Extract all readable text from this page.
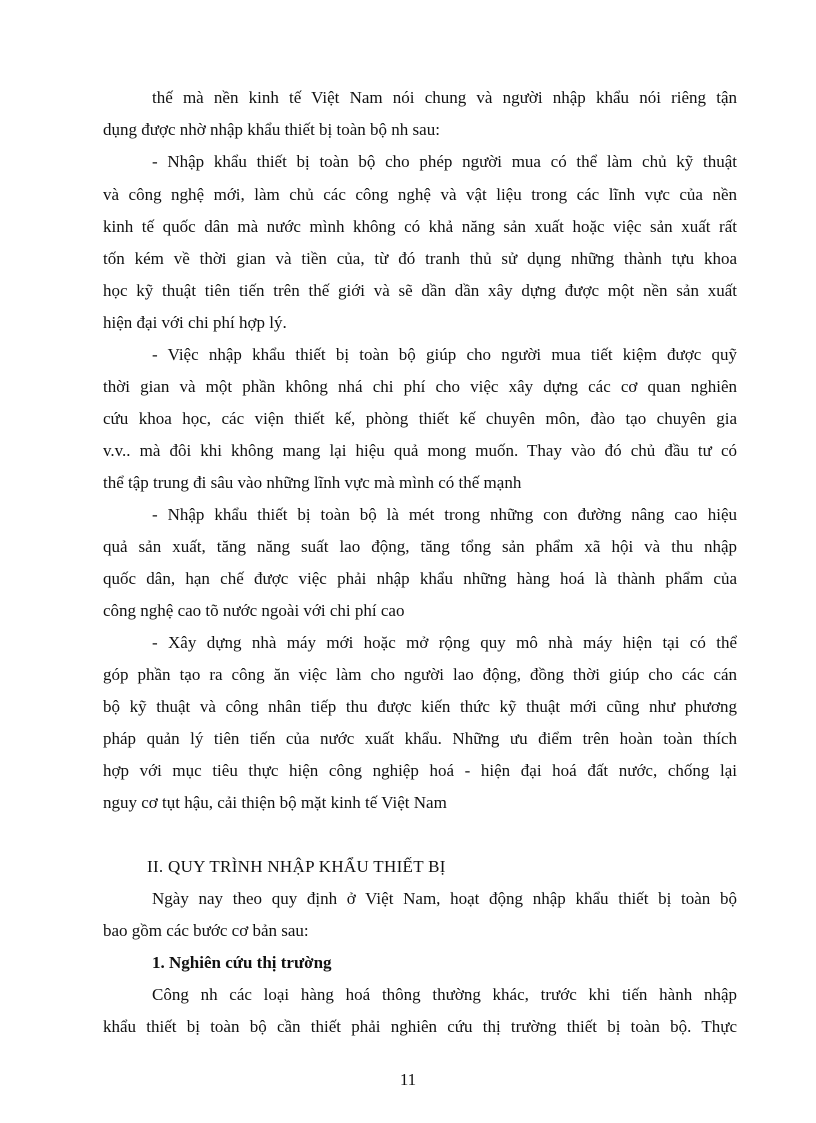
thế mà nền kinh tế Việt Nam nói chung và người nhập khẩu nói riêng tận
dụng được nhờ nhập khẩu thiết bị toàn bộ nh sau:
- Nhập khẩu thiết bị toàn bộ cho phép người mua có thể làm chủ kỹ thuật
và công nghệ mới, làm chủ các công nghệ và vật liệu trong các lĩnh vực của nền
kinh tế quốc dân mà nước mình không có khả năng sản xuất hoặc việc sản xuất rất
tốn kém về thời gian và tiền của, từ đó tranh thủ sử dụng những thành tựu khoa
học kỹ thuật tiên tiến trên thế giới và sẽ dần dần xây dựng được một nền sản xuất
hiện đại với chi phí hợp lý.
- Việc nhập khẩu thiết bị toàn bộ giúp cho người mua tiết kiệm được quỹ
thời gian và một phần không nhá chi phí cho việc xây dựng các cơ quan nghiên
cứu khoa học, các viện thiết kế, phòng thiết kế chuyên môn, đào tạo chuyên gia
v.v.. mà đôi khi không mang lại hiệu quả mong muốn. Thay vào đó chủ đầu tư có
thể tập trung đi sâu vào những lĩnh vực mà mình có thế mạnh
- Nhập khẩu thiết bị toàn bộ là mét trong những con đường nâng cao hiệu
quả sản xuất, tăng năng suất lao động, tăng tổng sản phẩm xã hội và thu nhập
quốc dân, hạn chế được việc phải nhập khẩu những hàng hoá là thành phẩm của
công nghệ cao tõ nước ngoài với chi phí cao
- Xây dựng nhà máy mới hoặc mở rộng quy mô nhà máy hiện tại có thể
góp phần tạo ra công ăn việc làm cho người lao động, đồng thời giúp cho các cán
bộ kỹ thuật và công nhân tiếp thu được kiến thức kỹ thuật mới cũng như phương
pháp quản lý tiên tiến của nước xuất khẩu. Những ưu điểm trên hoàn toàn thích
hợp với mục tiêu thực hiện công nghiệp hoá - hiện đại hoá đất nước, chống lại
nguy cơ tụt hậu, cải thiện bộ mặt kinh tế Việt Nam
II. QUY TRÌNH NHẬP KHẨU THIẾT BỊ
Ngày nay theo quy định ở Việt Nam, hoạt động nhập khẩu thiết bị toàn bộ
bao gồm các bước cơ bản sau:
1. Nghiên cứu thị trường
Công nh các loại hàng hoá thông thường khác, trước khi tiến hành nhập
khẩu thiết bị toàn bộ cần thiết phải nghiên cứu thị trường thiết bị toàn bộ. Thực
11
